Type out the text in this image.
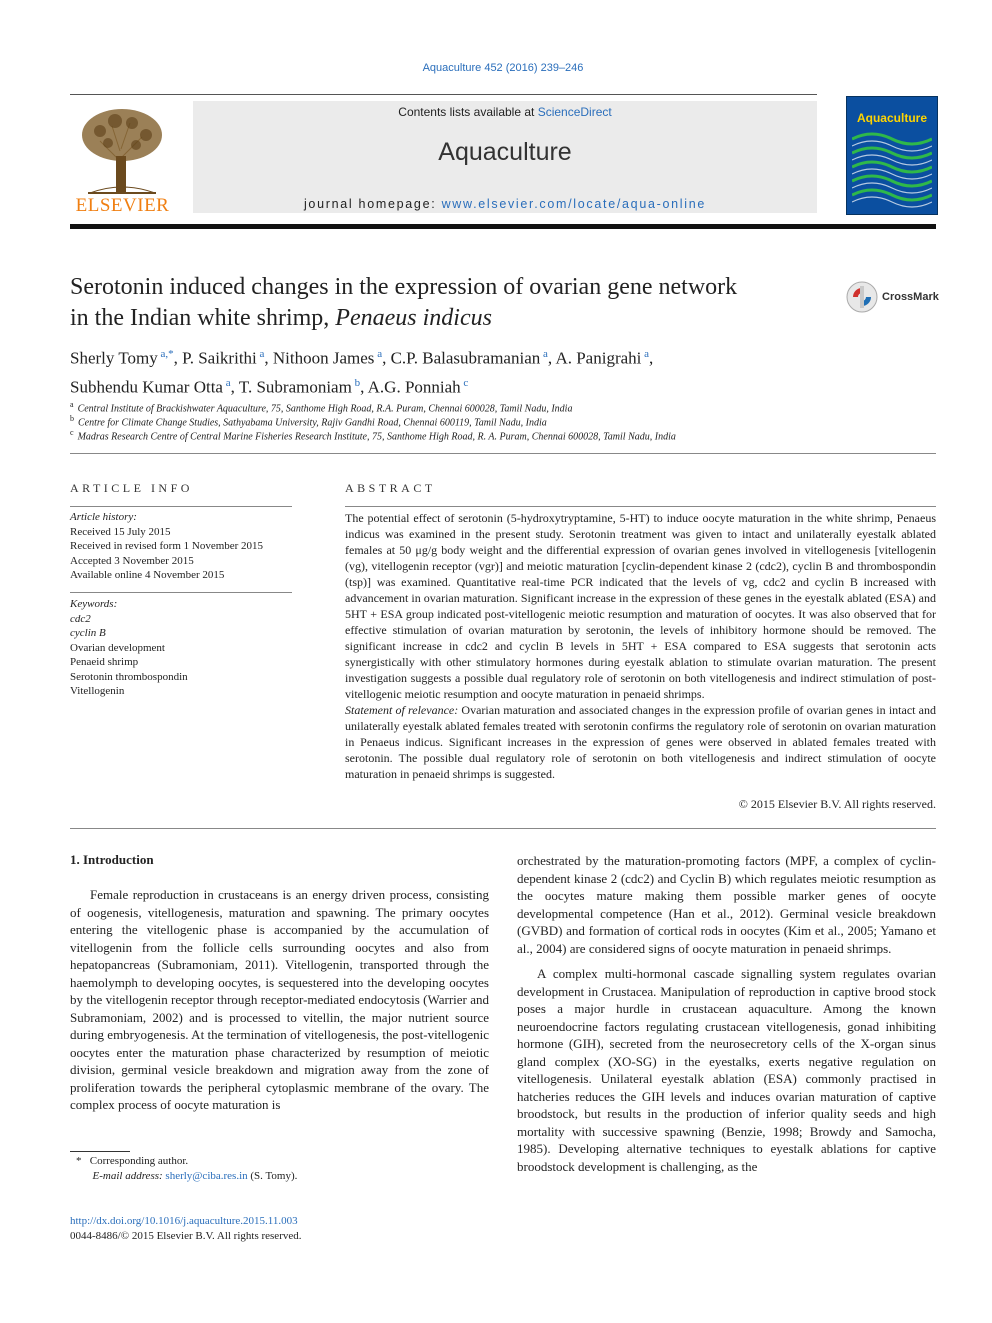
Aquaculture 452 (2016) 239–246
ELSEVIER
Contents lists available at ScienceDirect
Aquaculture
journal homepage: www.elsevier.com/locate/aqua-online
Aquaculture
Serotonin induced changes in the expression of ovarian gene network
in the Indian white shrimp, Penaeus indicus
CrossMark
Sherly Tomy $^{a,*}$, P. Saikrithi $^a$, Nithoon James $^a$, C.P. Balasubramanian $^a$, A. Panigrahi $^a$,
Subhendu Kumar Otta $^a$, T. Subramoniam $^b$, A.G. Ponniah $^c$
$^a$ Central Institute of Brackishwater Aquaculture, 75, Santhome High Road, R.A. Puram, Chennai 600028, Tamil Nadu, India
$^b$ Centre for Climate Change Studies, Sathyabama University, Rajiv Gandhi Road, Chennai 600119, Tamil Nadu, India
$^c$ Madras Research Centre of Central Marine Fisheries Research Institute, 75, Santhome High Road, R. A. Puram, Chennai 600028, Tamil Nadu, India
ARTICLE INFO
Article history:
Received 15 July 2015
Received in revised form 1 November 2015
Accepted 3 November 2015
Available online 4 November 2015
Keywords:
cdc2
cyclin B
Ovarian development
Penaeid shrimp
Serotonin thrombospondin
Vitellogenin
ABSTRACT

The potential effect of serotonin (5-hydroxytryptamine, 5-HT) to induce oocyte maturation in the white shrimp, Penaeus indicus was examined in the present study. Serotonin treatment was given to intact and unilaterally eyestalk ablated females at 50 μg/g body weight and the differential expression of ovarian genes involved in vitellogenesis [vitellogenin (vg), vitellogenin receptor (vgr)] and meiotic maturation [cyclin-dependent kinase 2 (cdc2), cyclin B and thrombospondin (tsp)] was examined. Quantitative real-time PCR indicated that the levels of vg, cdc2 and cyclin B increased with advancement in ovarian maturation. Significant increase in the expression of these genes in the eyestalk ablated (ESA) and 5HT + ESA group indicated post-vitellogenic meiotic resumption and maturation of oocytes. It was also observed that for effective stimulation of ovarian maturation by serotonin, the levels of inhibitory hormone should be removed. The significant increase in cdc2 and cyclin B levels in 5HT + ESA compared to ESA suggests that serotonin acts synergistically with other stimulatory hormones during eyestalk ablation to stimulate ovarian maturation. The present investigation suggests a possible dual regulatory role of serotonin on both vitellogenesis and indirect stimulation of post-vitellogenic meiotic resumption and oocyte maturation in penaeid shrimps.

Statement of relevance: Ovarian maturation and associated changes in the expression profile of ovarian genes in intact and unilaterally eyestalk ablated females treated with serotonin confirms the regulatory role of serotonin on ovarian maturation in Penaeus indicus. Significant increases in the expression of genes were observed in ablated females treated with serotonin. The possible dual regulatory role of serotonin on both vitellogenesis and indirect stimulation of oocyte maturation in penaeid shrimps is suggested.

© 2015 Elsevier B.V. All rights reserved.
1. Introduction

Female reproduction in crustaceans is an energy driven process, consisting of oogenesis, vitellogenesis, maturation and spawning. The primary oocytes entering the vitellogenic phase is accompanied by the accumulation of vitellogenin from the follicle cells surrounding oocytes and also from hepatopancreas (Subramoniam, 2011). Vitellogenin, transported through the haemolymph to developing oocytes, is sequestered into the developing oocytes by the vitellogenin receptor through receptor-mediated endocytosis (Warrier and Subramoniam, 2002) and is processed to vitellin, the major nutrient source during embryogenesis. At the termination of vitellogenesis, the post-vitellogenic oocytes enter the maturation phase characterized by resumption of meiotic division, germinal vesicle breakdown and migration away from the zone of proliferation towards the peripheral cytoplasmic membrane of the ovary. The complex process of oocyte maturation is

orchestrated by the maturation-promoting factors (MPF, a complex of cyclin-dependent kinase 2 (cdc2) and Cyclin B) which regulates meiotic resumption as the oocytes mature making them possible marker genes of oocyte developmental competence (Han et al., 2012). Germinal vesicle breakdown (GVBD) and formation of cortical rods in oocytes (Kim et al., 2005; Yamano et al., 2004) are considered signs of oocyte maturation in penaeid shrimps.

A complex multi-hormonal cascade signalling system regulates ovarian development in Crustacea. Manipulation of reproduction in captive brood stock poses a major hurdle in crustacean aquaculture. Among the known neuroendocrine factors regulating crustacean vitellogenesis, gonad inhibiting hormone (GIH), secreted from the neurosecretory cells of the X-organ sinus gland complex (XO-SG) in the eyestalks, exerts negative regulation on vitellogenesis. Unilateral eyestalk ablation (ESA) commonly practised in hatcheries reduces the GIH levels and induces ovarian maturation of captive broodstock, but results in the production of inferior quality seeds and high mortality with successive spawning (Benzie, 1998; Browdy and Samocha, 1985). Developing alternative techniques to eyestalk ablations for captive broodstock development is challenging, as the

* Corresponding author.
E-mail address: sherly@ciba.res.in (S. Tomy).
http://dx.doi.org/10.1016/j.aquaculture.2015.11.003
0044-8486/© 2015 Elsevier B.V. All rights reserved.
